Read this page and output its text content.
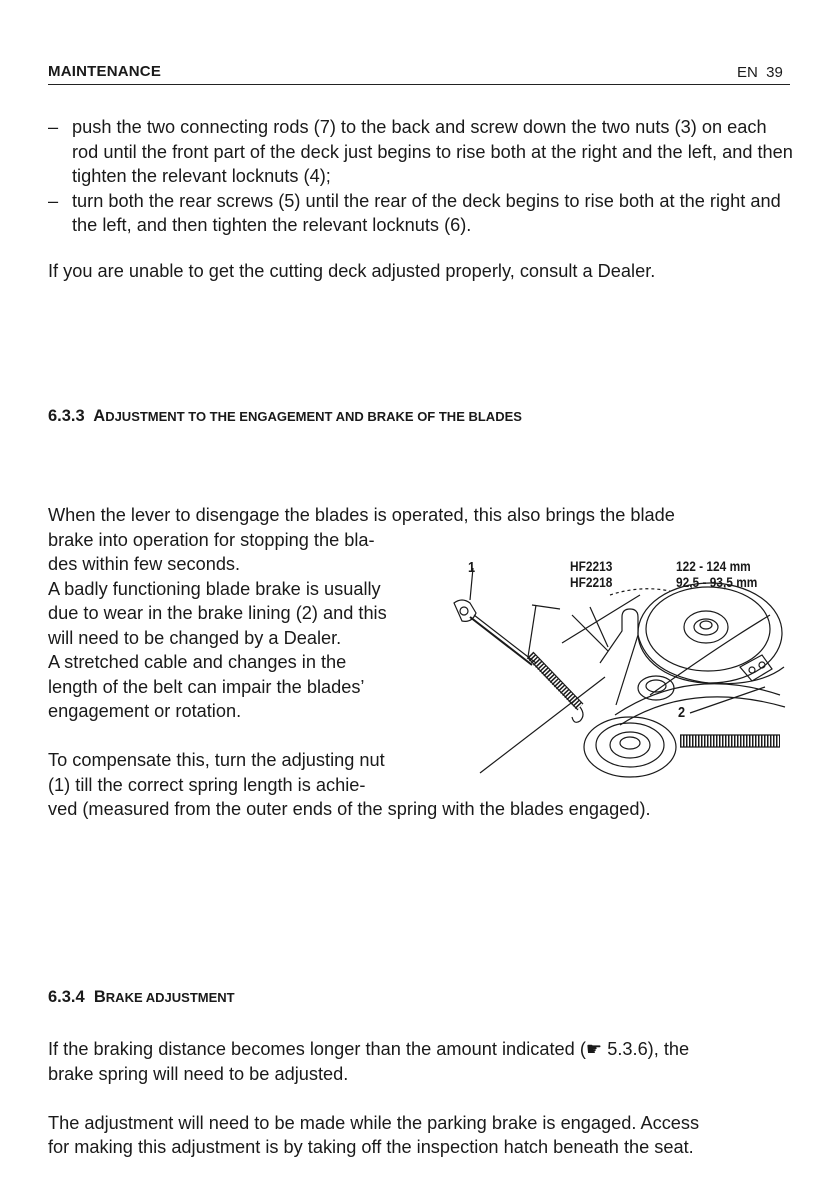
MAINTENANCE	EN  39
– push the two connecting rods (7) to the back and screw down the two nuts (3) on each rod until the front part of the deck just begins to rise both at the right and the left, and then tighten the relevant locknuts (4);
– turn both the rear screws (5) until the rear of the deck begins to rise both at the right and the left, and then tighten the relevant locknuts (6).
If you are unable to get the cutting deck adjusted properly, consult a Dealer.
6.3.3 ADJUSTMENT TO THE ENGAGEMENT AND BRAKE OF THE BLADES
When the lever to disengage the blades is operated, this also brings the blade
brake into operation for stopping the bla-
des within few seconds.
A badly functioning blade brake is usually
due to wear in the brake lining (2) and this
will need to be changed by a Dealer.
A stretched cable and changes in the
length of the belt can impair the blades’
engagement or rotation.
To compensate this, turn the adjusting nut
(1) till the correct spring length is achie-
ved (measured from the outer ends of the spring with the blades engaged).
1
2
HF2213
HF2218
122 - 124 mm
92,5 - 93,5 mm
6.3.4 BRAKE ADJUSTMENT
If the braking distance becomes longer than the amount indicated (☛ 5.3.6), the
brake spring will need to be adjusted.
The adjustment will need to be made while the parking brake is engaged. Access
for making this adjustment is by taking off the inspection hatch beneath the seat.
